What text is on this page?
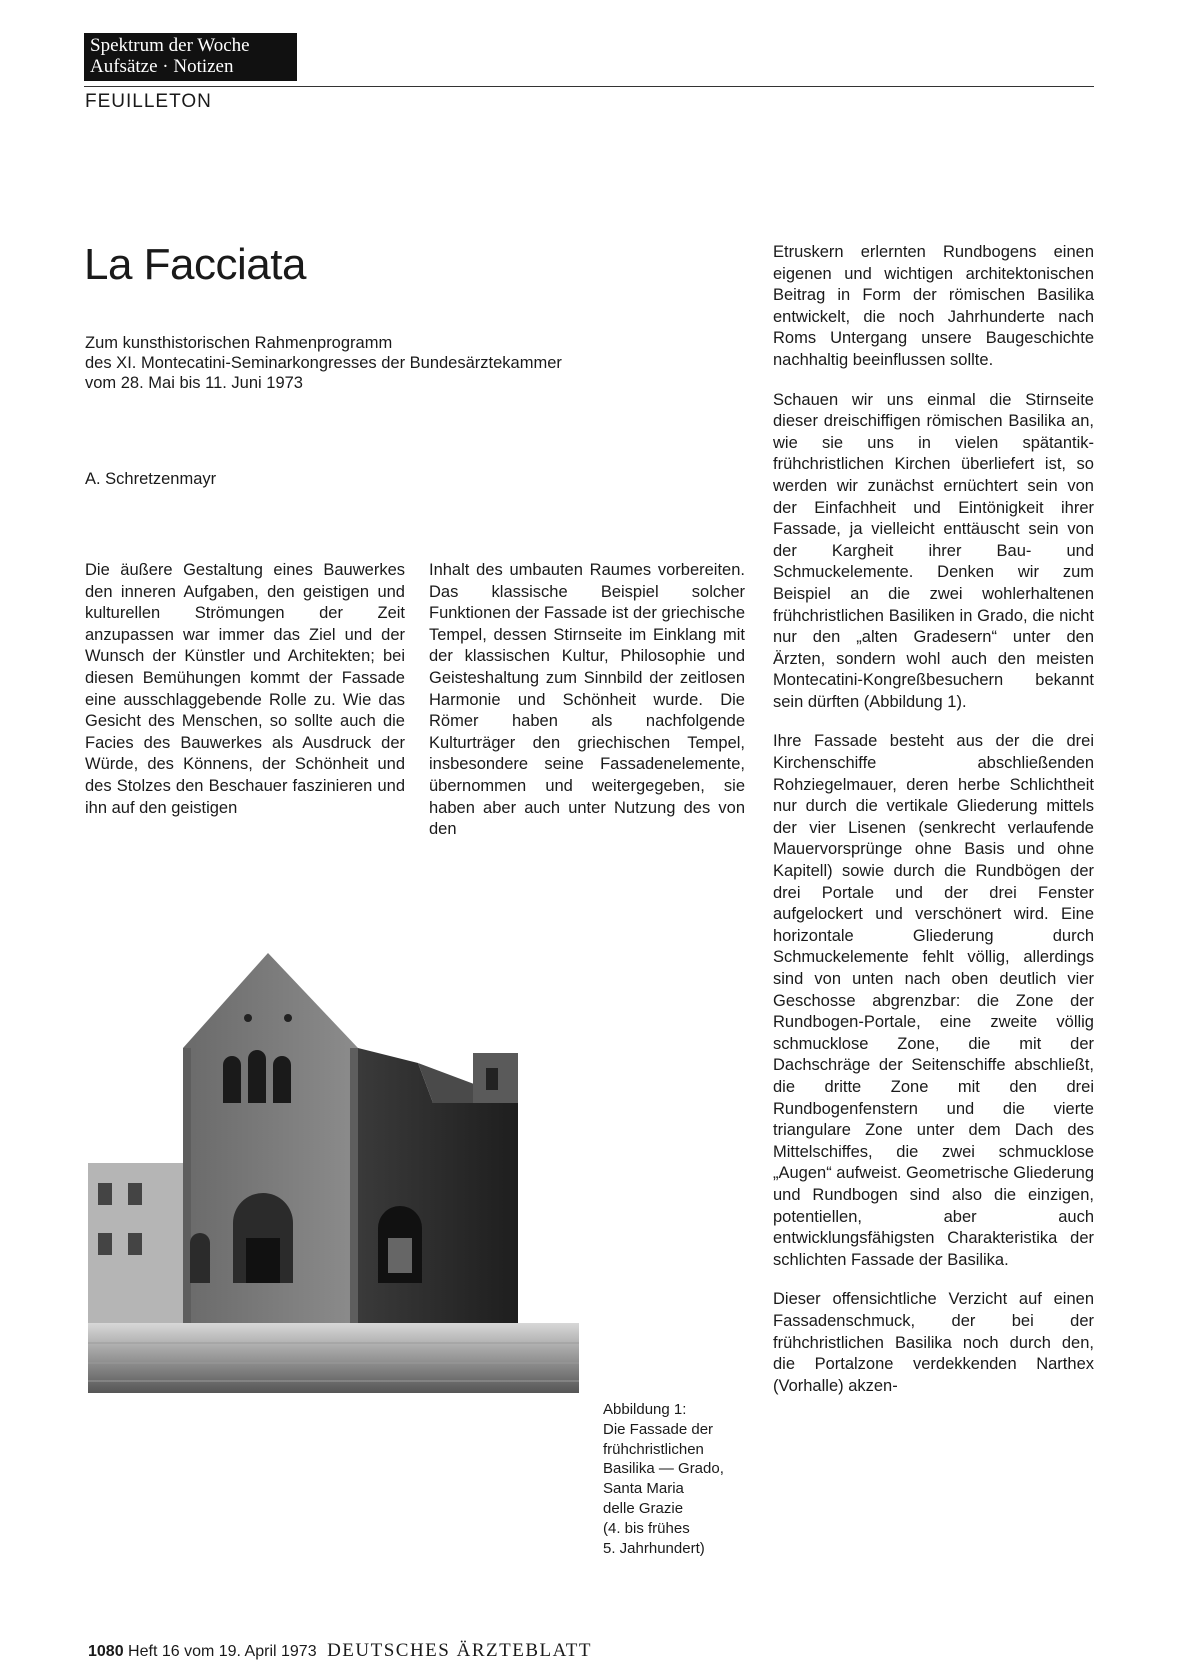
Spektrum der Woche
Aufsätze · Notizen
FEUILLETON
La Facciata
Zum kunsthistorischen Rahmenprogramm
des XI. Montecatini-Seminarkongresses der Bundesärztekammer
vom 28. Mai bis 11. Juni 1973
A. Schretzenmayr

Die äußere Gestaltung eines Bauwerkes den inneren Aufgaben, den geistigen und kulturellen Strömungen der Zeit anzupassen war immer das Ziel und der Wunsch der Künstler und Architekten; bei diesen Bemühungen kommt der Fassade eine ausschlaggebende Rolle zu. Wie das Gesicht des Menschen, so sollte auch die Facies des Bauwerkes als Ausdruck der Würde, des Könnens, der Schönheit und des Stolzes den Beschauer faszinieren und ihn auf den geistigen

Inhalt des umbauten Raumes vorbereiten. Das klassische Beispiel solcher Funktionen der Fassade ist der griechische Tempel, dessen Stirnseite im Einklang mit der klassischen Kultur, Philosophie und Geisteshaltung zum Sinnbild der zeitlosen Harmonie und Schönheit wurde. Die Römer haben als nachfolgende Kulturträger den griechischen Tempel, insbesondere seine Fassadenelemente, übernommen und weitergegeben, sie haben aber auch unter Nutzung des von den

Etruskern erlernten Rundbogens einen eigenen und wichtigen architektonischen Beitrag in Form der römischen Basilika entwickelt, die noch Jahrhunderte nach Roms Untergang unsere Baugeschichte nachhaltig beeinflussen sollte.

Schauen wir uns einmal die Stirnseite dieser dreischiffigen römischen Basilika an, wie sie uns in vielen spätantik-frühchristlichen Kirchen überliefert ist, so werden wir zunächst ernüchtert sein von der Einfachheit und Eintönigkeit ihrer Fassade, ja vielleicht enttäuscht sein von der Kargheit ihrer Bau- und Schmuckelemente. Denken wir zum Beispiel an die zwei wohlerhaltenen frühchristlichen Basiliken in Grado, die nicht nur den „alten Gradesern“ unter den Ärzten, sondern wohl auch den meisten Montecatini-Kongreßbesuchern bekannt sein dürften (Abbildung 1).

Ihre Fassade besteht aus der die drei Kirchenschiffe abschließenden Rohziegelmauer, deren herbe Schlichtheit nur durch die vertikale Gliederung mittels der vier Lisenen (senkrecht verlaufende Mauervorsprünge ohne Basis und ohne Kapitell) sowie durch die Rundbögen der drei Portale und der drei Fenster aufgelockert und verschönert wird. Eine horizontale Gliederung durch Schmuckelemente fehlt völlig, allerdings sind von unten nach oben deutlich vier Geschosse abgrenzbar: die Zone der Rundbogen-Portale, eine zweite völlig schmucklose Zone, die mit der Dachschräge der Seitenschiffe abschließt, die dritte Zone mit den drei Rundbogenfenstern und die vierte triangulare Zone unter dem Dach des Mittelschiffes, die zwei schmucklose „Augen“ aufweist. Geometrische Gliederung und Rundbogen sind also die einzigen, potentiellen, aber auch entwicklungsfähigsten Charakteristika der schlichten Fassade der Basilika.

Dieser offensichtliche Verzicht auf einen Fassadenschmuck, der bei der frühchristlichen Basilika noch durch den, die Portalzone verdekkenden Narthex (Vorhalle) akzen-

Abbildung 1:
Die Fassade der
frühchristlichen
Basilika — Grado,
Santa Maria
delle Grazie
(4. bis frühes
5. Jahrhundert)
1080 Heft 16 vom 19. April 1973 DEUTSCHES ÄRZTEBLATT
